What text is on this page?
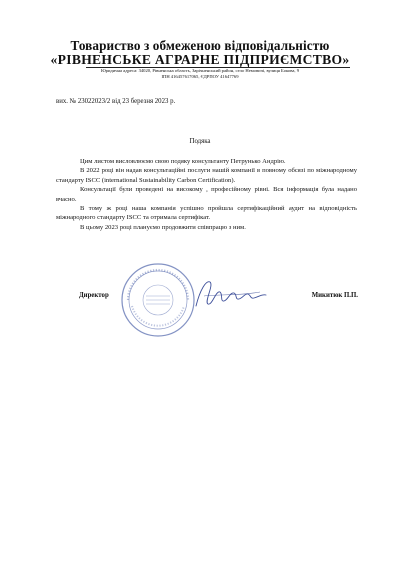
Товариство з обмеженою відповідальністю
«РІВНЕНСЬКЕ АГРАРНЕ ПІДПРИЄМСТВО»
Юридична адреса: 34020, Рівненська область, Зарічненський район, село Немовичі, вулиця Бокова, 9
ІПН 416457617065, ЄДРПОУ 41647769
вих. № 23022023/2 від 23 березня 2023 р.
Подяка

Цим листом висловлюємо свою подяку консультанту Петрунько Андрію.

В 2022 році він надав консультаційні послуги нашій компанії в повному обсязі по міжнародному стандарту ISCC (international Sustainability Carbon Certification).

Консультації були проведені на високому , професійному рівні. Вся інформація була надано вчасно.

В тому ж році наша компанія успішно пройшла сертифікаційний аудит на відповідність міжнародного стандарту ISCC та отримала сертифікат.

В цьому 2023 році плануємо продовжити співпрацю з ним.

Директор	Микитюк П.П.
